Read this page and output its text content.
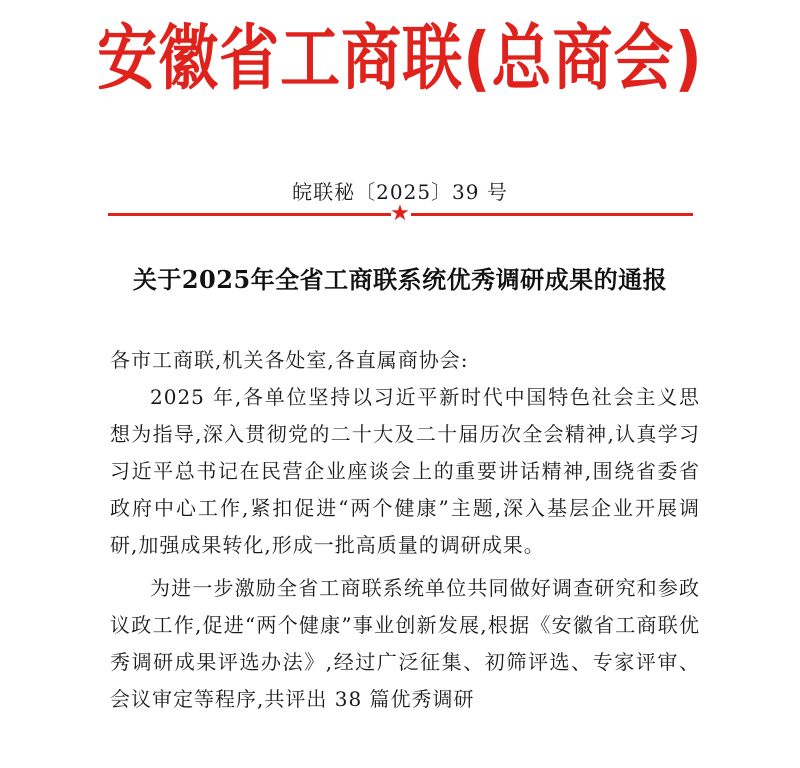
安徽省工商联(总商会)
皖联秘〔2025〕39 号
★
关于2025年全省工商联系统优秀调研成果的通报

各市工商联,机关各处室,各直属商协会:

2025 年,各单位坚持以习近平新时代中国特色社会主义思想为指导,深入贯彻党的二十大及二十届历次全会精神,认真学习习近平总书记在民营企业座谈会上的重要讲话精神,围绕省委省政府中心工作,紧扣促进“两个健康”主题,深入基层企业开展调研,加强成果转化,形成一批高质量的调研成果。

为进一步激励全省工商联系统单位共同做好调查研究和参政议政工作,促进“两个健康”事业创新发展,根据《安徽省工商联优秀调研成果评选办法》,经过广泛征集、初筛评选、专家评审、会议审定等程序,共评出 38 篇优秀调研
